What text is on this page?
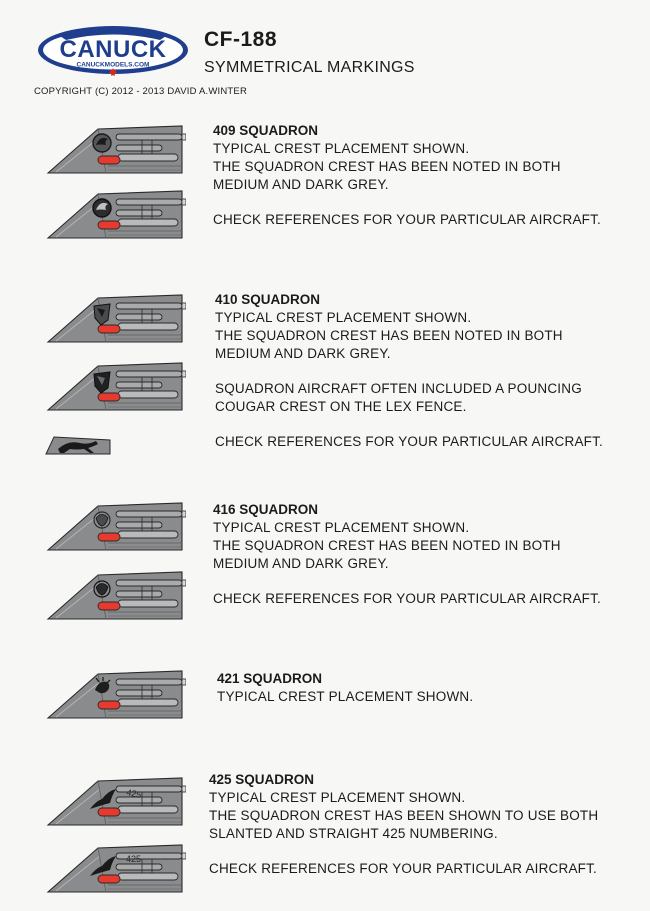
CANUCK
CANUCKMODELS.COM
CF-188
SYMMETRICAL MARKINGS
COPYRIGHT (C) 2012 - 2013 DAVID A.WINTER
409 SQUADRON
TYPICAL CREST PLACEMENT SHOWN.
THE SQUADRON CREST HAS BEEN NOTED IN BOTH
MEDIUM AND DARK GREY.
CHECK REFERENCES FOR YOUR PARTICULAR AIRCRAFT.
410 SQUADRON
TYPICAL CREST PLACEMENT SHOWN.
THE SQUADRON CREST HAS BEEN NOTED IN BOTH
MEDIUM AND DARK GREY.
SQUADRON AIRCRAFT OFTEN INCLUDED A POUNCING
COUGAR CREST ON THE LEX FENCE.
CHECK REFERENCES FOR YOUR PARTICULAR AIRCRAFT.
416 SQUADRON
TYPICAL CREST PLACEMENT SHOWN.
THE SQUADRON CREST HAS BEEN NOTED IN BOTH
MEDIUM AND DARK GREY.
CHECK REFERENCES FOR YOUR PARTICULAR AIRCRAFT.
421 SQUADRON
TYPICAL CREST PLACEMENT SHOWN.
425
425
425 SQUADRON
TYPICAL CREST PLACEMENT SHOWN.
THE SQUADRON CREST HAS BEEN SHOWN TO USE BOTH
SLANTED AND STRAIGHT 425 NUMBERING.
CHECK REFERENCES FOR YOUR PARTICULAR AIRCRAFT.
